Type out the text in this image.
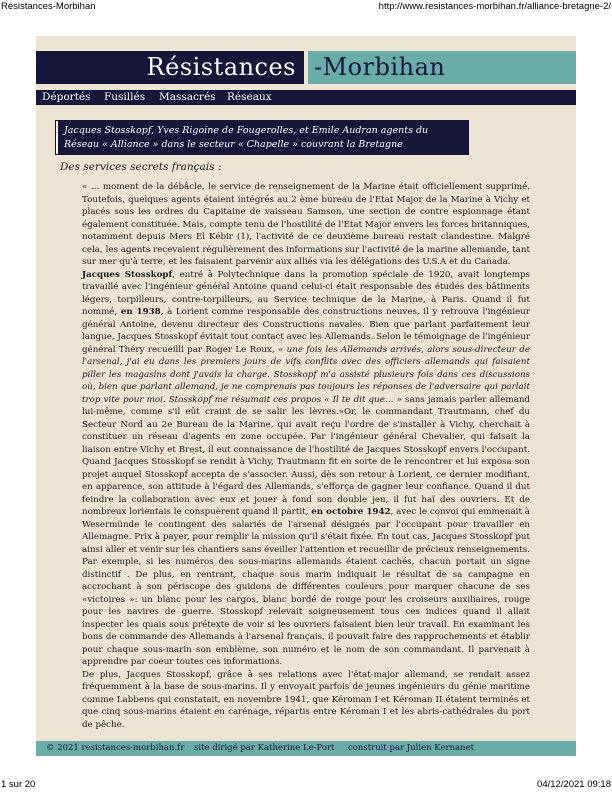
Résistances-Morbihan	http://www.resistances-morbihan.fr/alliance-bretagne-2/
Résistances -Morbihan
Déportés Fusillés Massacrés Réseaux

Jacques Stosskopf, Yves Rigoine de Fougerolles, et Emile Audran agents du Réseau « Alliance » dans le secteur « Chapelle » couvrant la Bretagne

Des services secrets français :

« … moment de la débâcle, le service de renseignement de la Marine était officiellement supprimé. Toutefois, quelques agents étaient intégrés au 2 ème bureau de l'Etat Major de la Marine à Vichy et placés sous les ordres du Capitaine de vaisseau Samson, une section de contre espionnage étant également constituée. Mais, compte tenu de l'hostilité de l'Etat Major envers les forces britanniques, notamment depuis Mers El Kébir (1), l'activité de ce deuxième bureau restait clandestine. Malgré cela, les agents recevaient régulièrement des informations sur l'activité de la marine allemande, tant sur mer qu'à terre, et les faisaient parvenir aux alliés via les délégations des U.S.A et du Canada.

Jacques Stosskopf, entré à Polytechnique dans la promotion spéciale de 1920, avait longtemps travaillé avec l'ingénieur général Antoine quand celui-ci était responsable des études des bâtiments légers, torpilleurs, contre-torpilleurs, au Service technique de la Marine, à Paris. Quand il fut nommé, en 1938, à Lorient comme responsable des constructions neuves, il y retrouva l'ingénieur général Antoine, devenu directeur des Constructions navales. Bien que parlant parfaitement leur langue, Jacques Stosskopf évitait tout contact avec les Allemands. Selon le témoignage de l'ingénieur général Théry recueilli par Roger Le Roux, « une fois les Allemands arrivés, alors sous-directeur de l'arsenal, j'ai eu dans les premiers jours de vifs conflits avec des officiers allemands qui faisaient piller les magasins dont j'avais la charge. Stosskopf m'a assisté plusieurs fois dans ces discussions où, bien que parlant allemand, je ne comprenais pas toujours les réponses de l'adversaire qui parlait trop vite pour moi. Stosskopf me résumait ces propos « Il te dit que… » sans jamais parler allemand lui-même, comme s'il eût craint de se salir les lèvres.»Or, le commandant Trautmann, chef du Secteur Nord au 2e Bureau de la Marine, qui avait reçu l'ordre de s'installer à Vichy, cherchait à constituer un réseau d'agents en zone occupée. Par l'ingénieur général Chevalier, qui faisait la liaison entre Vichy et Brest, il eut connaissance de l'hostilité de Jacques Stosskopf envers l'occupant. Quand Jacques Stosskopf se rendit à Vichy, Trautmann fit en sorte de le rencontrer et lui exposa son projet auquel Stosskopf accepta de s'associer. Aussi, dès son retour à Lorient, ce dernier modifiant, en apparence, son attitude à l'égard des Allemands, s'efforça de gagner leur confiance. Quand il dut feindre la collaboration avec eux et jouer à fond son double jeu, il fut haï des ouvriers. Et de nombreux lorientais le conspuèrent quand il partit, en octobre 1942, avec le convoi qui emmenait à Wesermünde le contingent des salariés de l'arsenal désignés par l'occupant pour travailler en Allemagne. Prix à payer, pour remplir la mission qu'il s'était fixée. En tout cas, Jacques Stosskopf put ainsi aller et venir sur les chantiers sans éveiller l'attention et recueillir de précieux renseignements. Par exemple, si les numéros des sous-marins allemands étaient cachés, chacun portait un signe distinctif . De plus, en rentrant, chaque sous marin indiquait le résultat de sa campagne en accrochant à son périscope des guidons de différentes couleurs pour marquer chacune de ses «victoires »: un blanc pour les cargos, blanc bordé de rouge pour les croiseurs auxiliaires, rouge pour les navires de guerre. Stosskopf relevait soigneusement tous ces indices quand il allait inspecter les quais sous prétexte de voir si les ouvriers faisaient bien leur travail. En examinant les bons de commande des Allemands à l'arsenal français, il pouvait faire des rapprochements et établir pour chaque sous-marin son emblème, son numéro et le nom de son commandant. Il parvenait à apprendre par coeur toutes ces informations.

De plus, Jacques Stosskopf, grâce à ses relations avec l'état-major allemand, se rendait assez fréquemment à la base de sous-marins. Il y envoyait parfois de jeunes ingénieurs du génie maritime comme Labbens qui constatait, en novembre 1941, que Kéroman I et Kéroman II étaient terminés et que cinq sous-marins étaient en carénage, répartis entre Kéroman I et les abris-cathédrales du port de pêche.

© 2021 resistances-morbihan.fr site dirigé par Katherine Le-Port construit par Julien Kernanet
1 sur 20	04/12/2021 09:18
